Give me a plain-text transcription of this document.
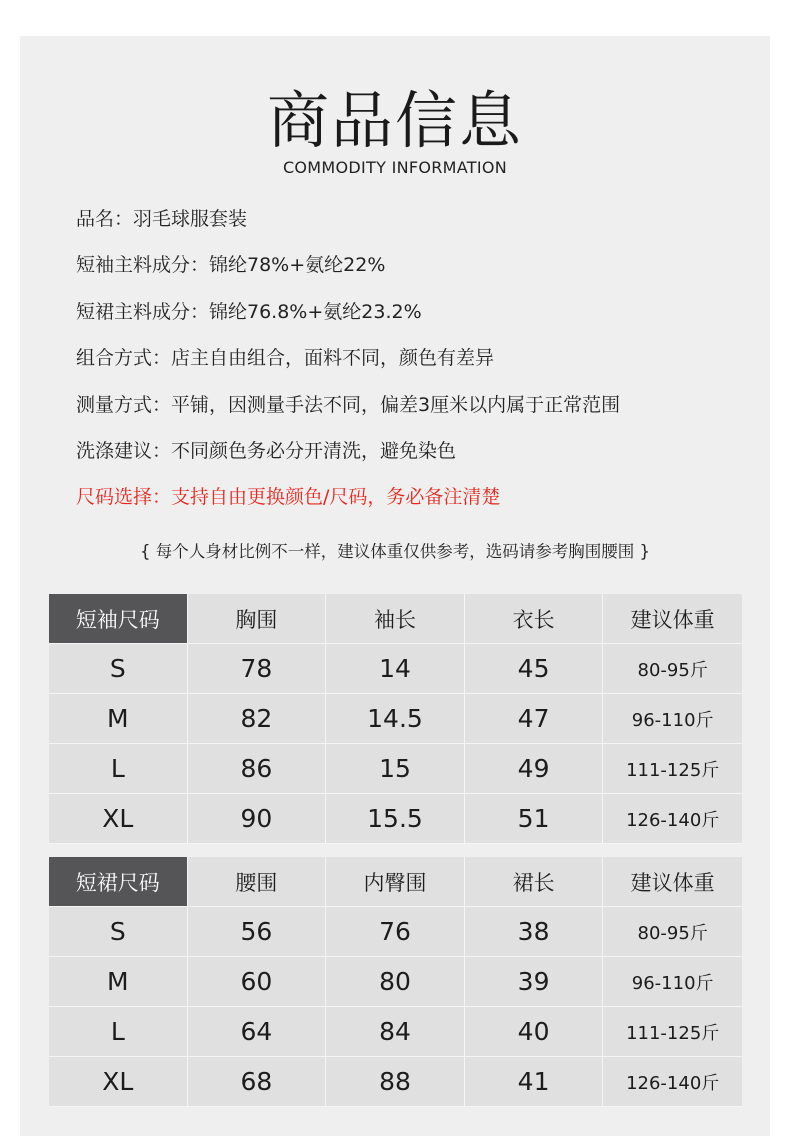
商品信息
COMMODITY INFORMATION
品名：羽毛球服套装
短袖主料成分：锦纶78%+氨纶22%
短裙主料成分：锦纶76.8%+氨纶23.2%
组合方式：店主自由组合，面料不同，颜色有差异
测量方式：平铺，因测量手法不同，偏差3厘米以内属于正常范围
洗涤建议：不同颜色务必分开清洗，避免染色
尺码选择：支持自由更换颜色/尺码，务必备注清楚
{ 每个人身材比例不一样，建议体重仅供参考，选码请参考胸围腰围 }
短袖尺码	胸围	袖长	衣长	建议体重
S	78	14	45	80-95斤
M	82	14.5	47	96-110斤
L	86	15	49	111-125斤
XL	90	15.5	51	126-140斤
短裙尺码	腰围	内臀围	裙长	建议体重
S	56	76	38	80-95斤
M	60	80	39	96-110斤
L	64	84	40	111-125斤
XL	68	88	41	126-140斤
